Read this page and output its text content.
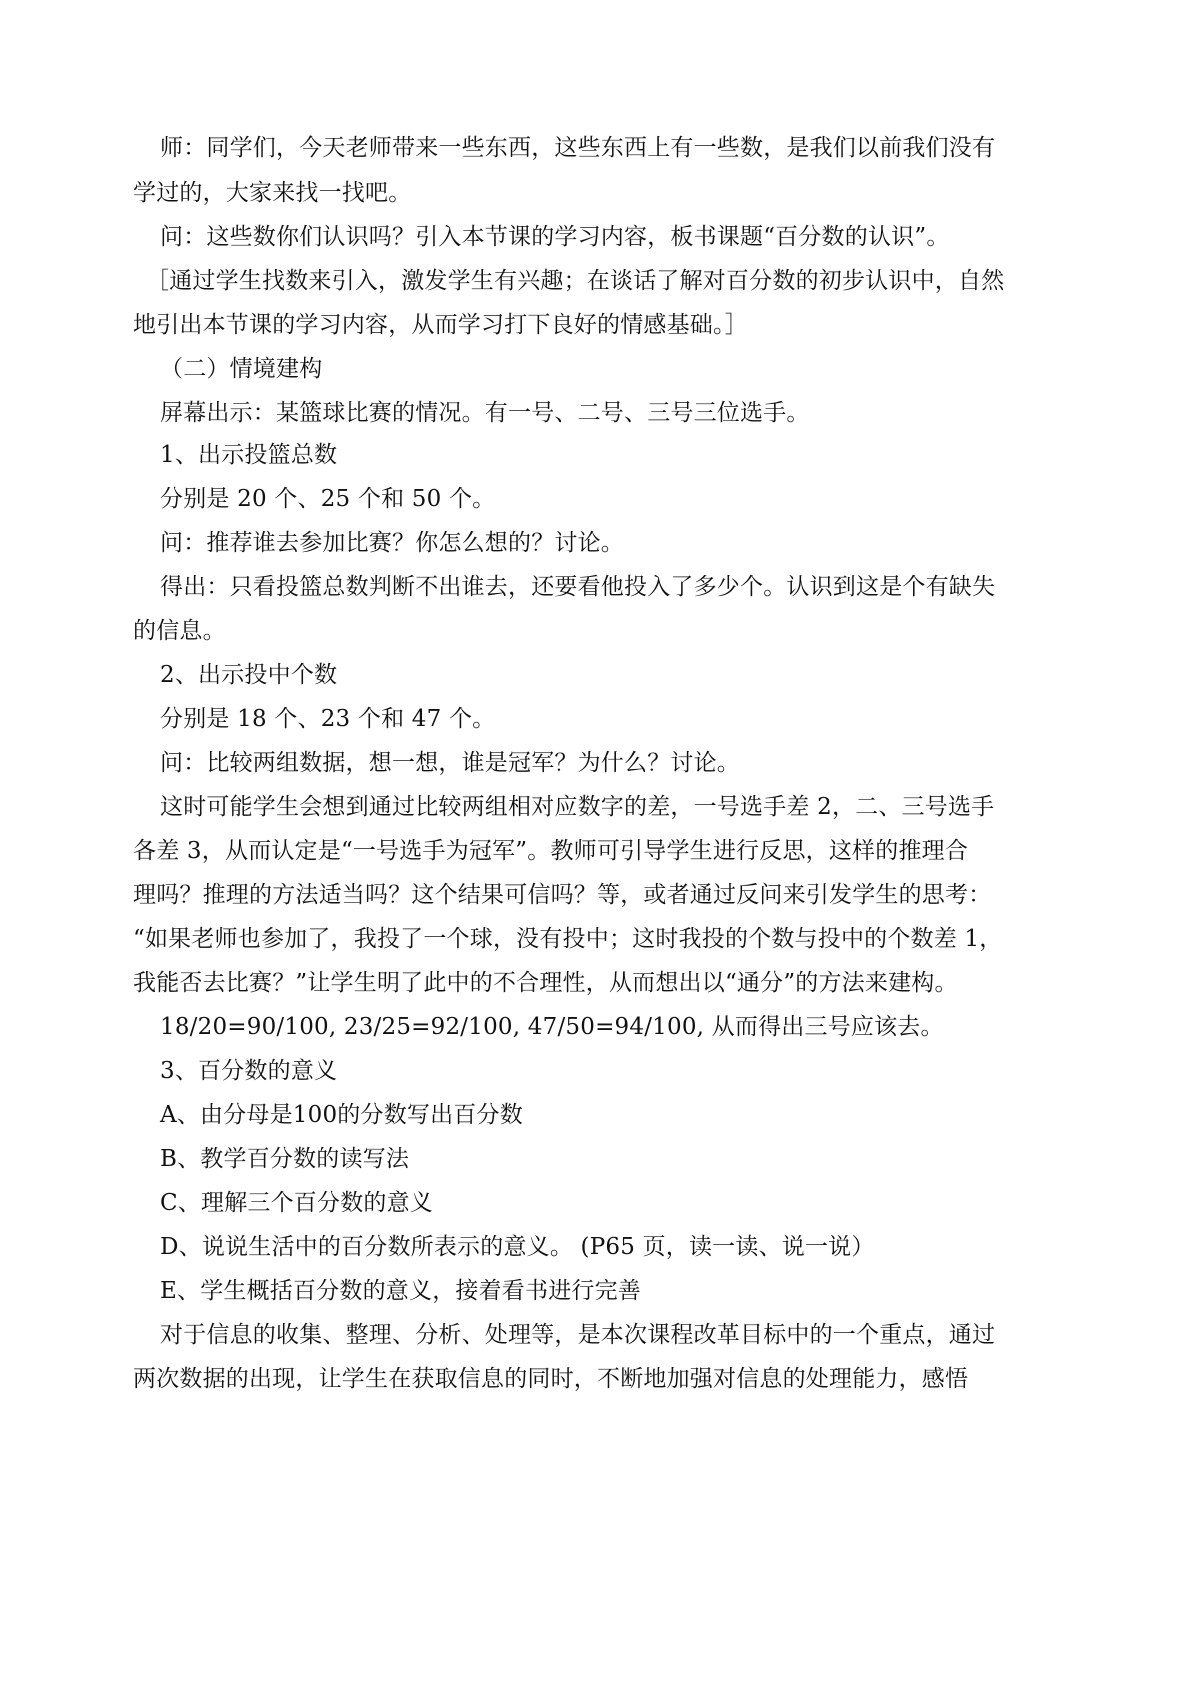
师：同学们，今天老师带来一些东西，这些东西上有一些数，是我们以前我们没有
学过的，大家来找一找吧。
问：这些数你们认识吗？引入本节课的学习内容，板书课题“百分数的认识”。
［通过学生找数来引入，激发学生有兴趣；在谈话了解对百分数的初步认识中，自然
地引出本节课的学习内容，从而学习打下良好的情感基础。］
（二）情境建构
屏幕出示：某篮球比赛的情况。有一号、二号、三号三位选手。
1、出示投篮总数
分别是 20 个、25 个和 50 个。
问：推荐谁去参加比赛？你怎么想的？讨论。
得出：只看投篮总数判断不出谁去，还要看他投入了多少个。认识到这是个有缺失
的信息。
2、出示投中个数
分别是 18 个、23 个和 47 个。
问：比较两组数据，想一想，谁是冠军？为什么？讨论。
这时可能学生会想到通过比较两组相对应数字的差，一号选手差 2，二、三号选手
各差 3，从而认定是“一号选手为冠军”。教师可引导学生进行反思，这样的推理合
理吗？推理的方法适当吗？这个结果可信吗？等，或者通过反问来引发学生的思考：
“如果老师也参加了，我投了一个球，没有投中；这时我投的个数与投中的个数差 1，
我能否去比赛？”让学生明了此中的不合理性，从而想出以“通分”的方法来建构。
18/20=90/100, 23/25=92/100, 47/50=94/100, 从而得出三号应该去。
3、百分数的意义
A、由分母是100的分数写出百分数
B、教学百分数的读写法
C、理解三个百分数的意义
D、说说生活中的百分数所表示的意义。 (P65 页，读一读、说一说）
E、学生概括百分数的意义，接着看书进行完善
对于信息的收集、整理、分析、处理等，是本次课程改革目标中的一个重点，通过
两次数据的出现，让学生在获取信息的同时，不断地加强对信息的处理能力，感悟
